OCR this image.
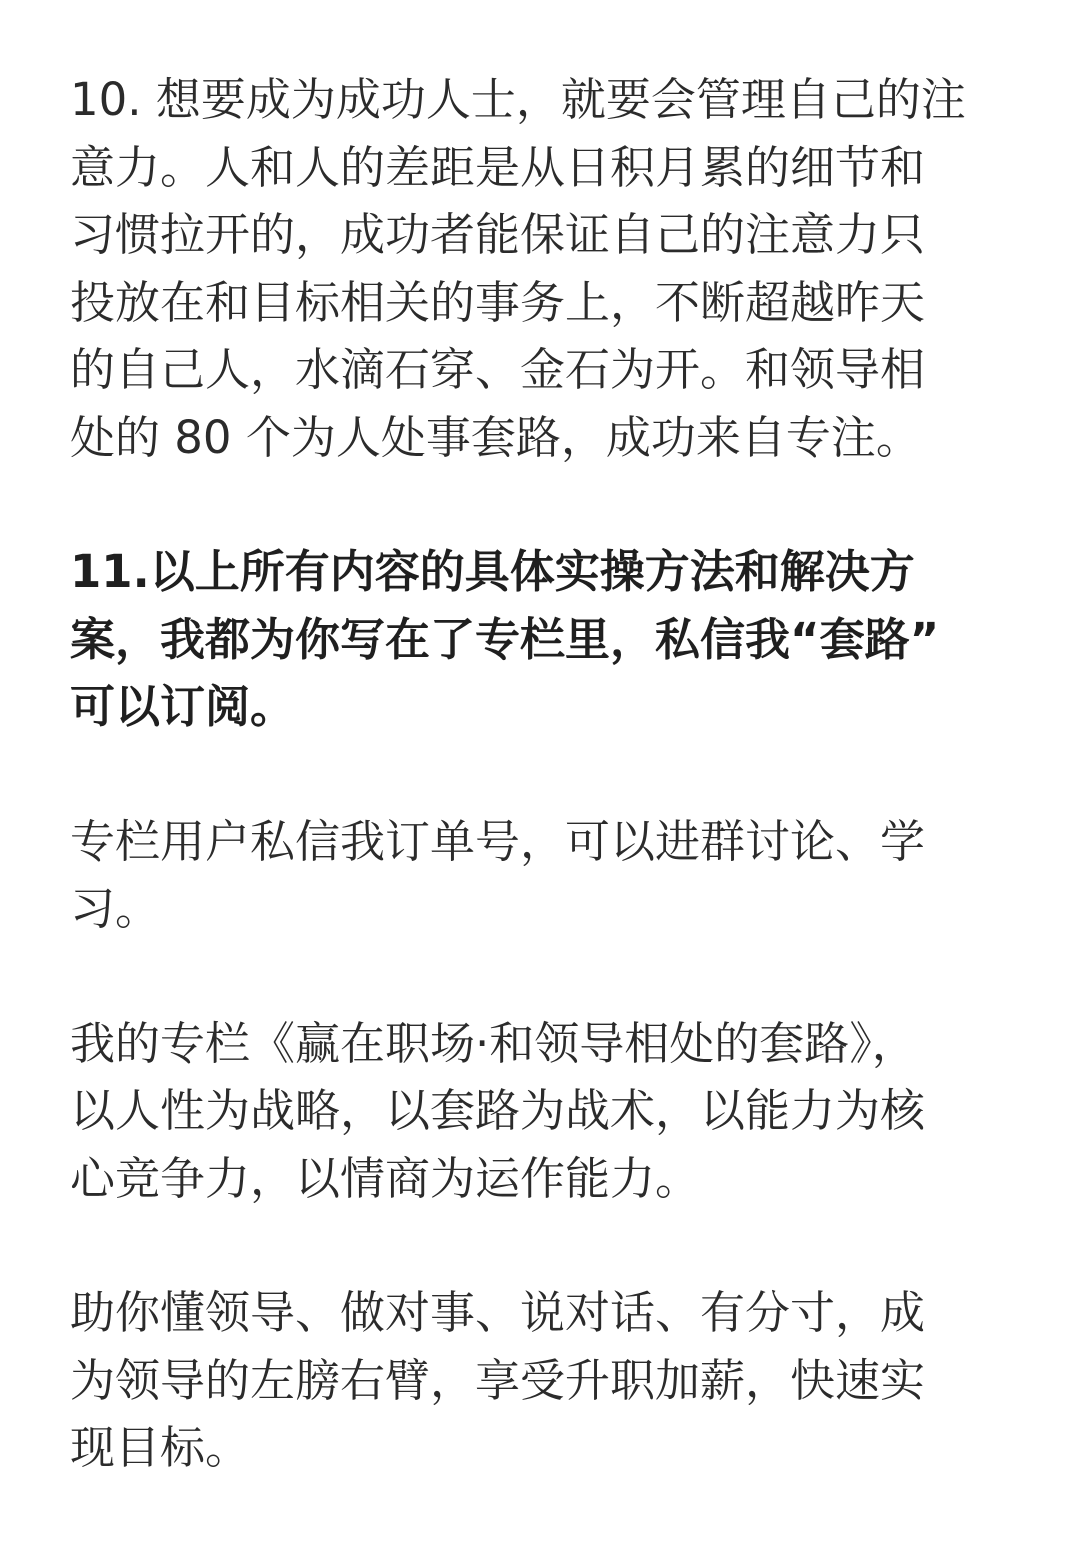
10. 想要成为成功人士，就要会管理自己的注
意力。人和人的差距是从日积月累的细节和
习惯拉开的，成功者能保证自己的注意力只
投放在和目标相关的事务上，不断超越昨天
的自己人，水滴石穿、金石为开。和领导相
处的 80 个为人处事套路，成功来自专注。

11.以上所有内容的具体实操方法和解决方
案，我都为你写在了专栏里，私信我“套路”
可以订阅。

专栏用户私信我订单号，可以进群讨论、学
习。

我的专栏《赢在职场·和领导相处的套路》，
以人性为战略，以套路为战术，以能力为核
心竞争力，以情商为运作能力。

助你懂领导、做对事、说对话、有分寸，成
为领导的左膀右臂，享受升职加薪，快速实
现目标。
